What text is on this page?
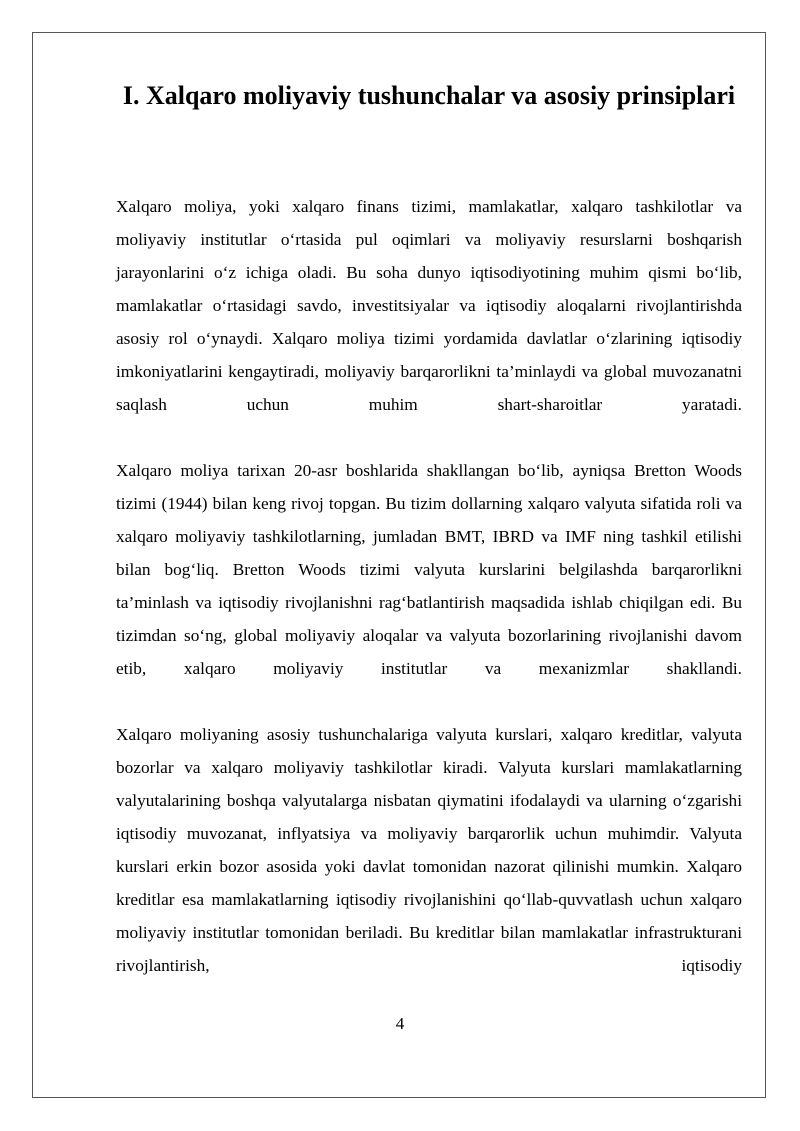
I. Xalqaro moliyaviy tushunchalar va asosiy prinsiplari

Xalqaro moliya, yoki xalqaro finans tizimi, mamlakatlar, xalqaro tashkilotlar va moliyaviy institutlar o‘rtasida pul oqimlari va moliyaviy resurslarni boshqarish jarayonlarini o‘z ichiga oladi. Bu soha dunyo iqtisodiyotining muhim qismi bo‘lib, mamlakatlar o‘rtasidagi savdo, investitsiyalar va iqtisodiy aloqalarni rivojlantirishda asosiy rol o‘ynaydi. Xalqaro moliya tizimi yordamida davlatlar o‘zlarining iqtisodiy imkoniyatlarini kengaytiradi, moliyaviy barqarorlikni ta’minlaydi va global muvozanatni saqlash uchun muhim shart-sharoitlar yaratadi.

Xalqaro moliya tarixan 20-asr boshlarida shakllangan bo‘lib, ayniqsa Bretton Woods tizimi (1944) bilan keng rivoj topgan. Bu tizim dollarning xalqaro valyuta sifatida roli va xalqaro moliyaviy tashkilotlarning, jumladan BMT, IBRD va IMF ning tashkil etilishi bilan bog‘liq. Bretton Woods tizimi valyuta kurslarini belgilashda barqarorlikni ta’minlash va iqtisodiy rivojlanishni rag‘batlantirish maqsadida ishlab chiqilgan edi. Bu tizimdan so‘ng, global moliyaviy aloqalar va valyuta bozorlarining rivojlanishi davom etib, xalqaro moliyaviy institutlar va mexanizmlar shakllandi.

Xalqaro moliyaning asosiy tushunchalariga valyuta kurslari, xalqaro kreditlar, valyuta bozorlar va xalqaro moliyaviy tashkilotlar kiradi. Valyuta kurslari mamlakatlarning valyutalarining boshqa valyutalarga nisbatan qiymatini ifodalaydi va ularning o‘zgarishi iqtisodiy muvozanat, inflyatsiya va moliyaviy barqarorlik uchun muhimdir. Valyuta kurslari erkin bozor asosida yoki davlat tomonidan nazorat qilinishi mumkin. Xalqaro kreditlar esa mamlakatlarning iqtisodiy rivojlanishini qo‘llab-quvvatlash uchun xalqaro moliyaviy institutlar tomonidan beriladi. Bu kreditlar bilan mamlakatlar infrastrukturani rivojlantirish, iqtisodiy

4
